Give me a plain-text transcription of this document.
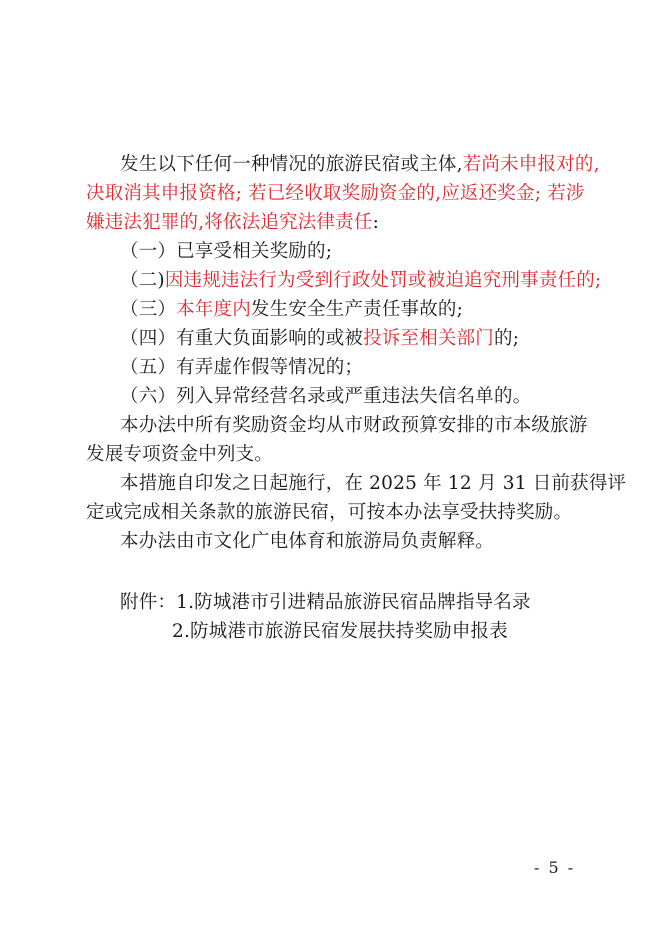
发生以下任何一种情况的旅游民宿或主体,若尚未申报对的,
决取消其申报资格; 若已经收取奖励资金的,应返还奖金; 若涉
嫌违法犯罪的,将依法追究法律责任:
（一）已享受相关奖励的;
（二)因违规违法行为受到行政处罚或被迫追究刑事责任的;
（三）本年度内发生安全生产责任事故的;
（四）有重大负面影响的或被投诉至相关部门的;
（五）有弄虚作假等情况的；
（六）列入异常经营名录或严重违法失信名单的。
本办法中所有奖励资金均从市财政预算安排的市本级旅游
发展专项资金中列支。
本措施自印发之日起施行，在 2025 年 12 月 31 日前获得评
定或完成相关条款的旅游民宿，可按本办法享受扶持奖励。
本办法由市文化广电体育和旅游局负责解释。
附件：1.防城港市引进精品旅游民宿品牌指导名录
2.防城港市旅游民宿发展扶持奖励申报表
- 5 -
